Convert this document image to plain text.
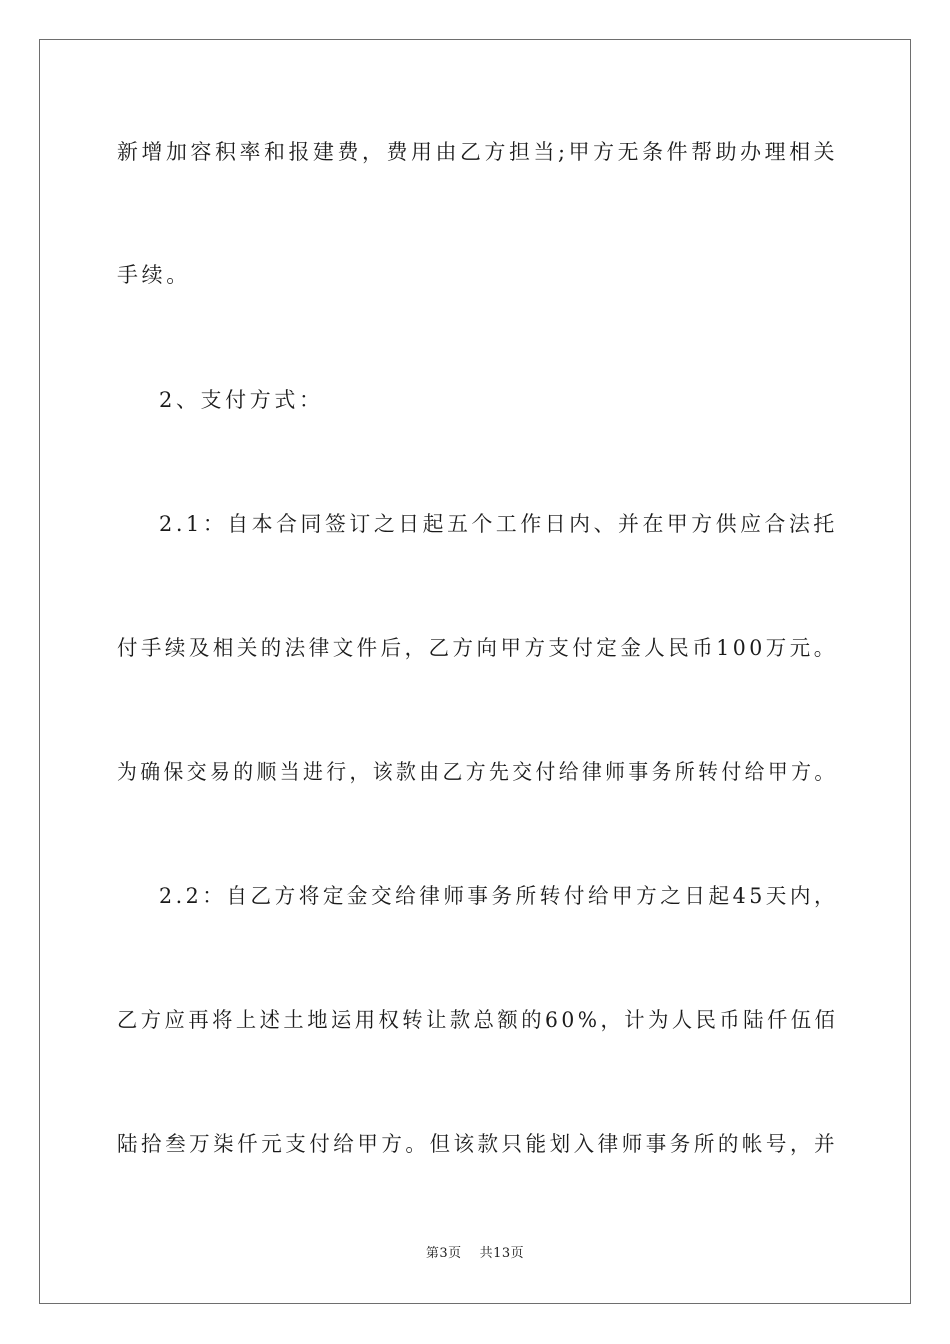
新增加容积率和报建费，费用由乙方担当;甲方无条件帮助办理相关
手续。
2、支付方式：
2.1：自本合同签订之日起五个工作日内、并在甲方供应合法托
付手续及相关的法律文件后，乙方向甲方支付定金人民币100万元。
为确保交易的顺当进行，该款由乙方先交付给律师事务所转付给甲方。
2.2：自乙方将定金交给律师事务所转付给甲方之日起45天内，
乙方应再将上述土地运用权转让款总额的60%，计为人民币陆仟伍佰
陆拾叁万柒仟元支付给甲方。但该款只能划入律师事务所的帐号，并
第3页 共13页
